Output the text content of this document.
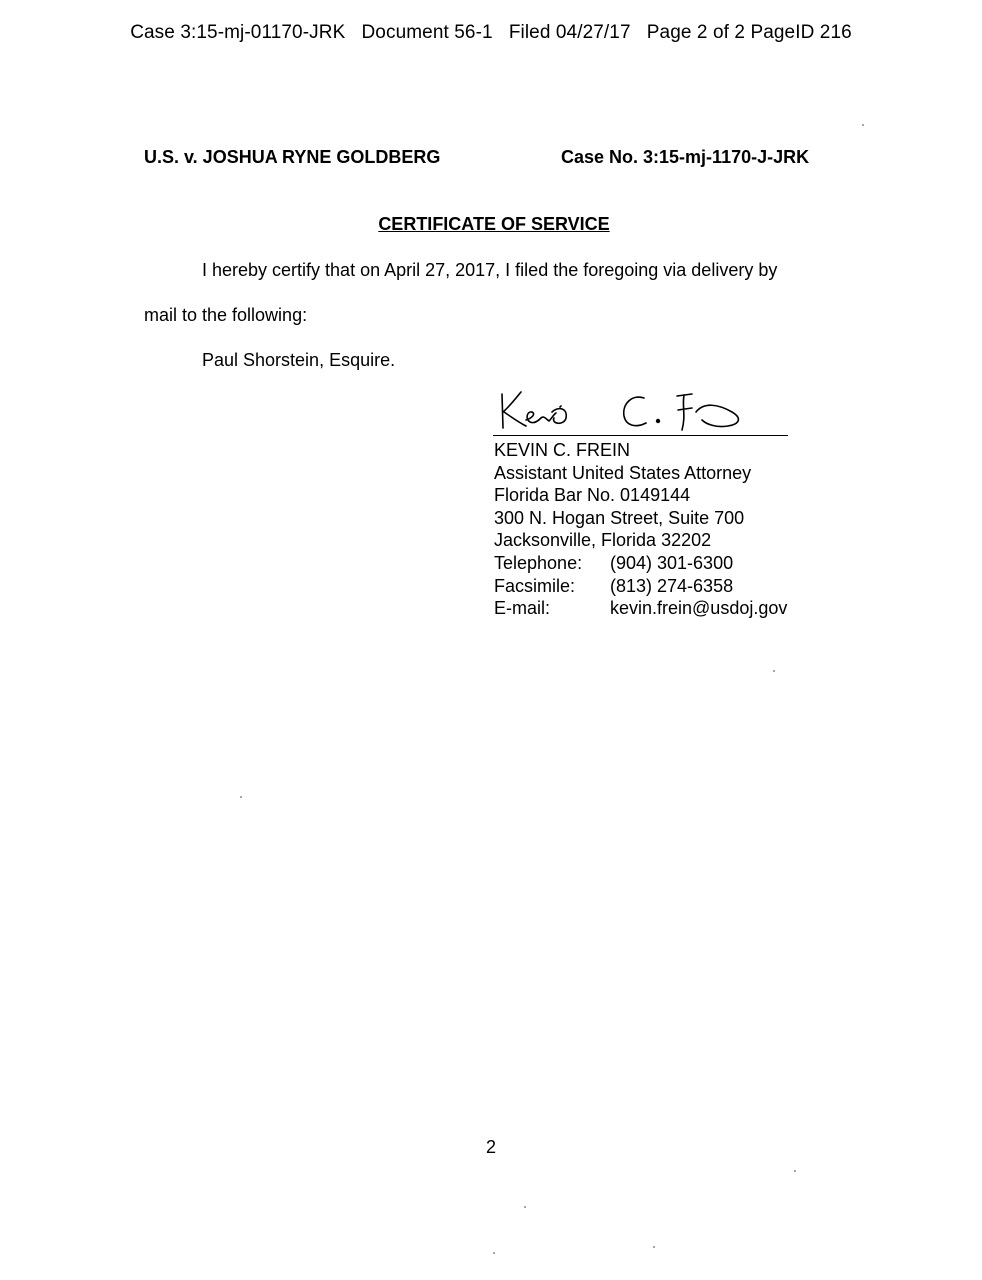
Case 3:15-mj-01170-JRK   Document 56-1   Filed 04/27/17   Page 2 of 2 PageID 216
U.S. v. JOSHUA RYNE GOLDBERG	Case No. 3:15-mj-1170-J-JRK
CERTIFICATE OF SERVICE
I hereby certify that on April 27, 2017, I filed the foregoing via delivery by
mail to the following:
Paul Shorstein, Esquire.
KEVIN C. FREIN
Assistant United States Attorney
Florida Bar No. 0149144
300 N. Hogan Street, Suite 700
Jacksonville, Florida 32202
Telephone: (904) 301-6300
Facsimile: (813) 274-6358
E-mail:	kevin.frein@usdoj.gov
2
